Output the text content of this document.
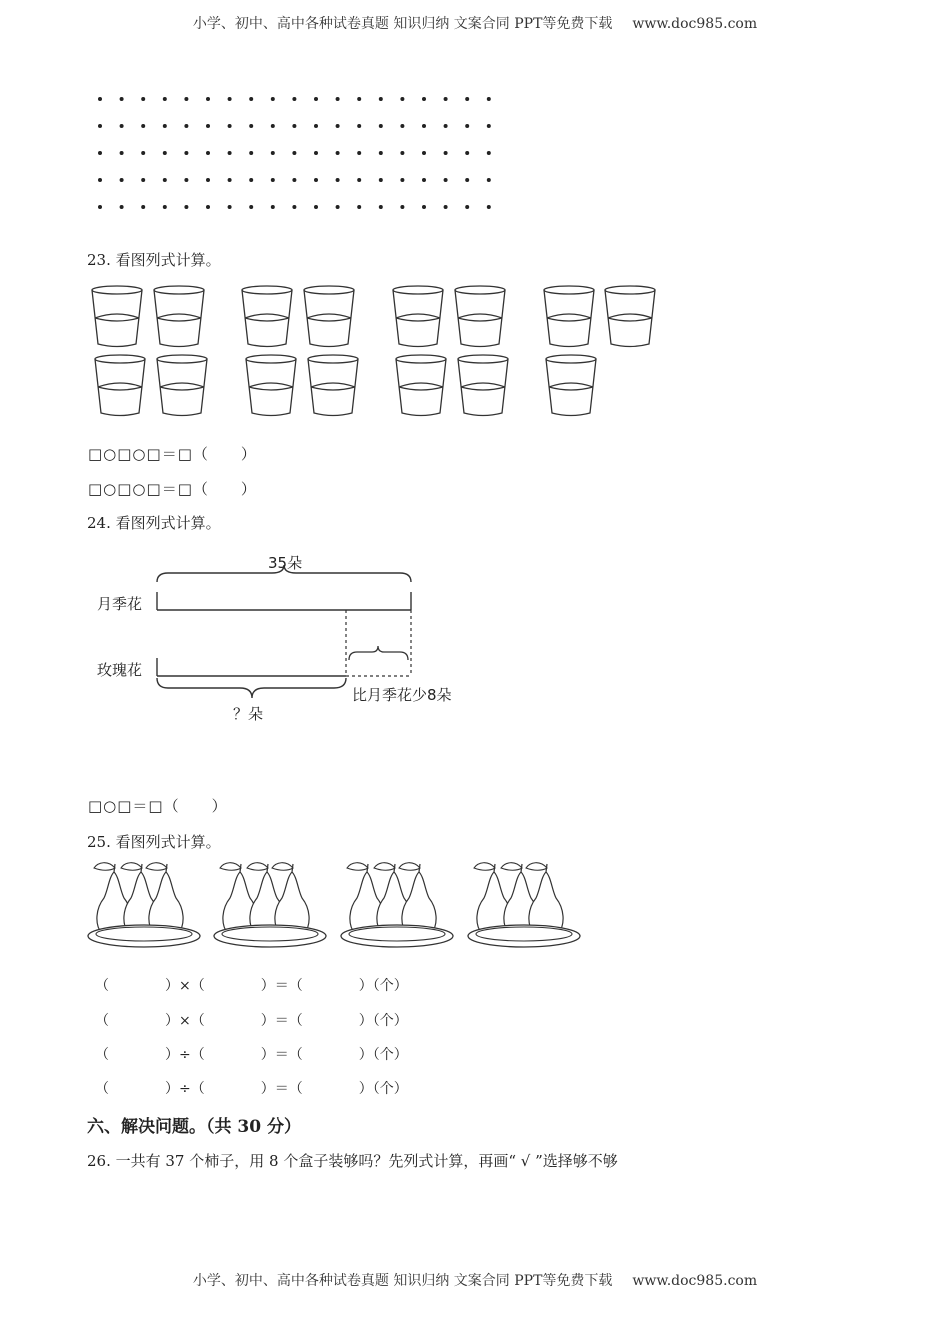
小学、初中、高中各种试卷真题 知识归纳 文案合同 PPT等免费下载 www.doc985.com
23. 看图列式计算。
□○□○□＝□（　　）
□○□○□＝□（　　）
24. 看图列式计算。
35朵
月季花
玫瑰花
比月季花少8朵
？朵
□○□＝□（　　）
25. 看图列式计算。
（　　　　）×（　　　　）＝（　　　　）（个）
（　　　　）×（　　　　）＝（　　　　）（个）
（　　　　）÷（　　　　）＝（　　　　）（个）
（　　　　）÷（　　　　）＝（　　　　）（个）
六、解决问题。（共 30 分）
26. 一共有 37 个柿子，用 8 个盒子装够吗？先列式计算，再画“ √ ”选择够不够
小学、初中、高中各种试卷真题 知识归纳 文案合同 PPT等免费下载 www.doc985.com
